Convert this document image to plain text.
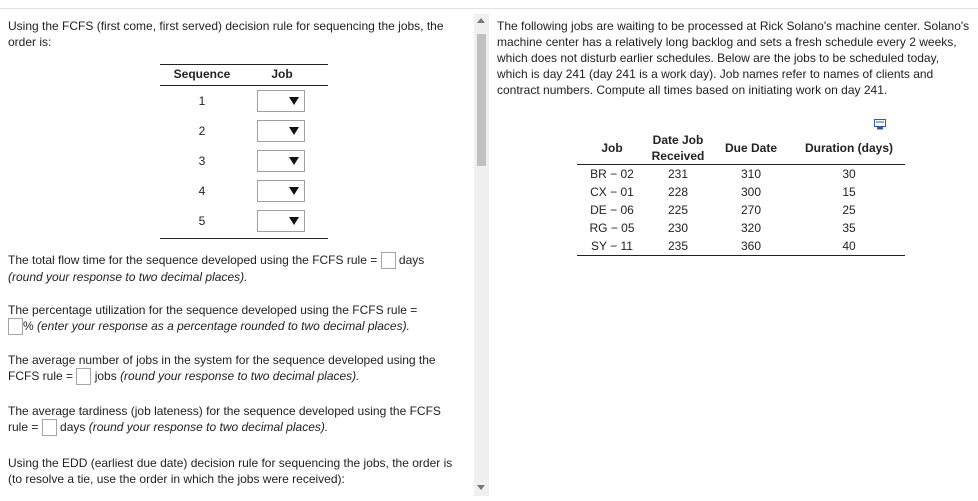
Using the FCFS (first come, first served) decision rule for sequencing the jobs, the order is:

Sequence	Job
1
2
3
4
5

The total flow time for the sequence developed using the FCFS rule = days

(round your response to two decimal places).

The percentage utilization for the sequence developed using the FCFS rule =

% (enter your response as a percentage rounded to two decimal places).

The average number of jobs in the system for the sequence developed using the FCFS rule = jobs (round your response to two decimal places).

The average tardiness (job lateness) for the sequence developed using the FCFS rule = days (round your response to two decimal places).

Using the EDD (earliest due date) decision rule for sequencing the jobs, the order is (to resolve a tie, use the order in which the jobs were received):

The following jobs are waiting to be processed at Rick Solano's machine center. Solano's machine center has a relatively long backlog and sets a fresh schedule every 2 weeks, which does not disturb earlier schedules. Below are the jobs to be scheduled today, which is day 241 (day 241 is a work day). Job names refer to names of clients and contract numbers. Compute all times based on initiating work on day 241.

Job	Date Job Received	Due Date	Duration (days)
BR − 02	231	310	30
CX − 01	228	300	15
DE − 06	225	270	25
RG − 05	230	320	35
SY − 11	235	360	40
